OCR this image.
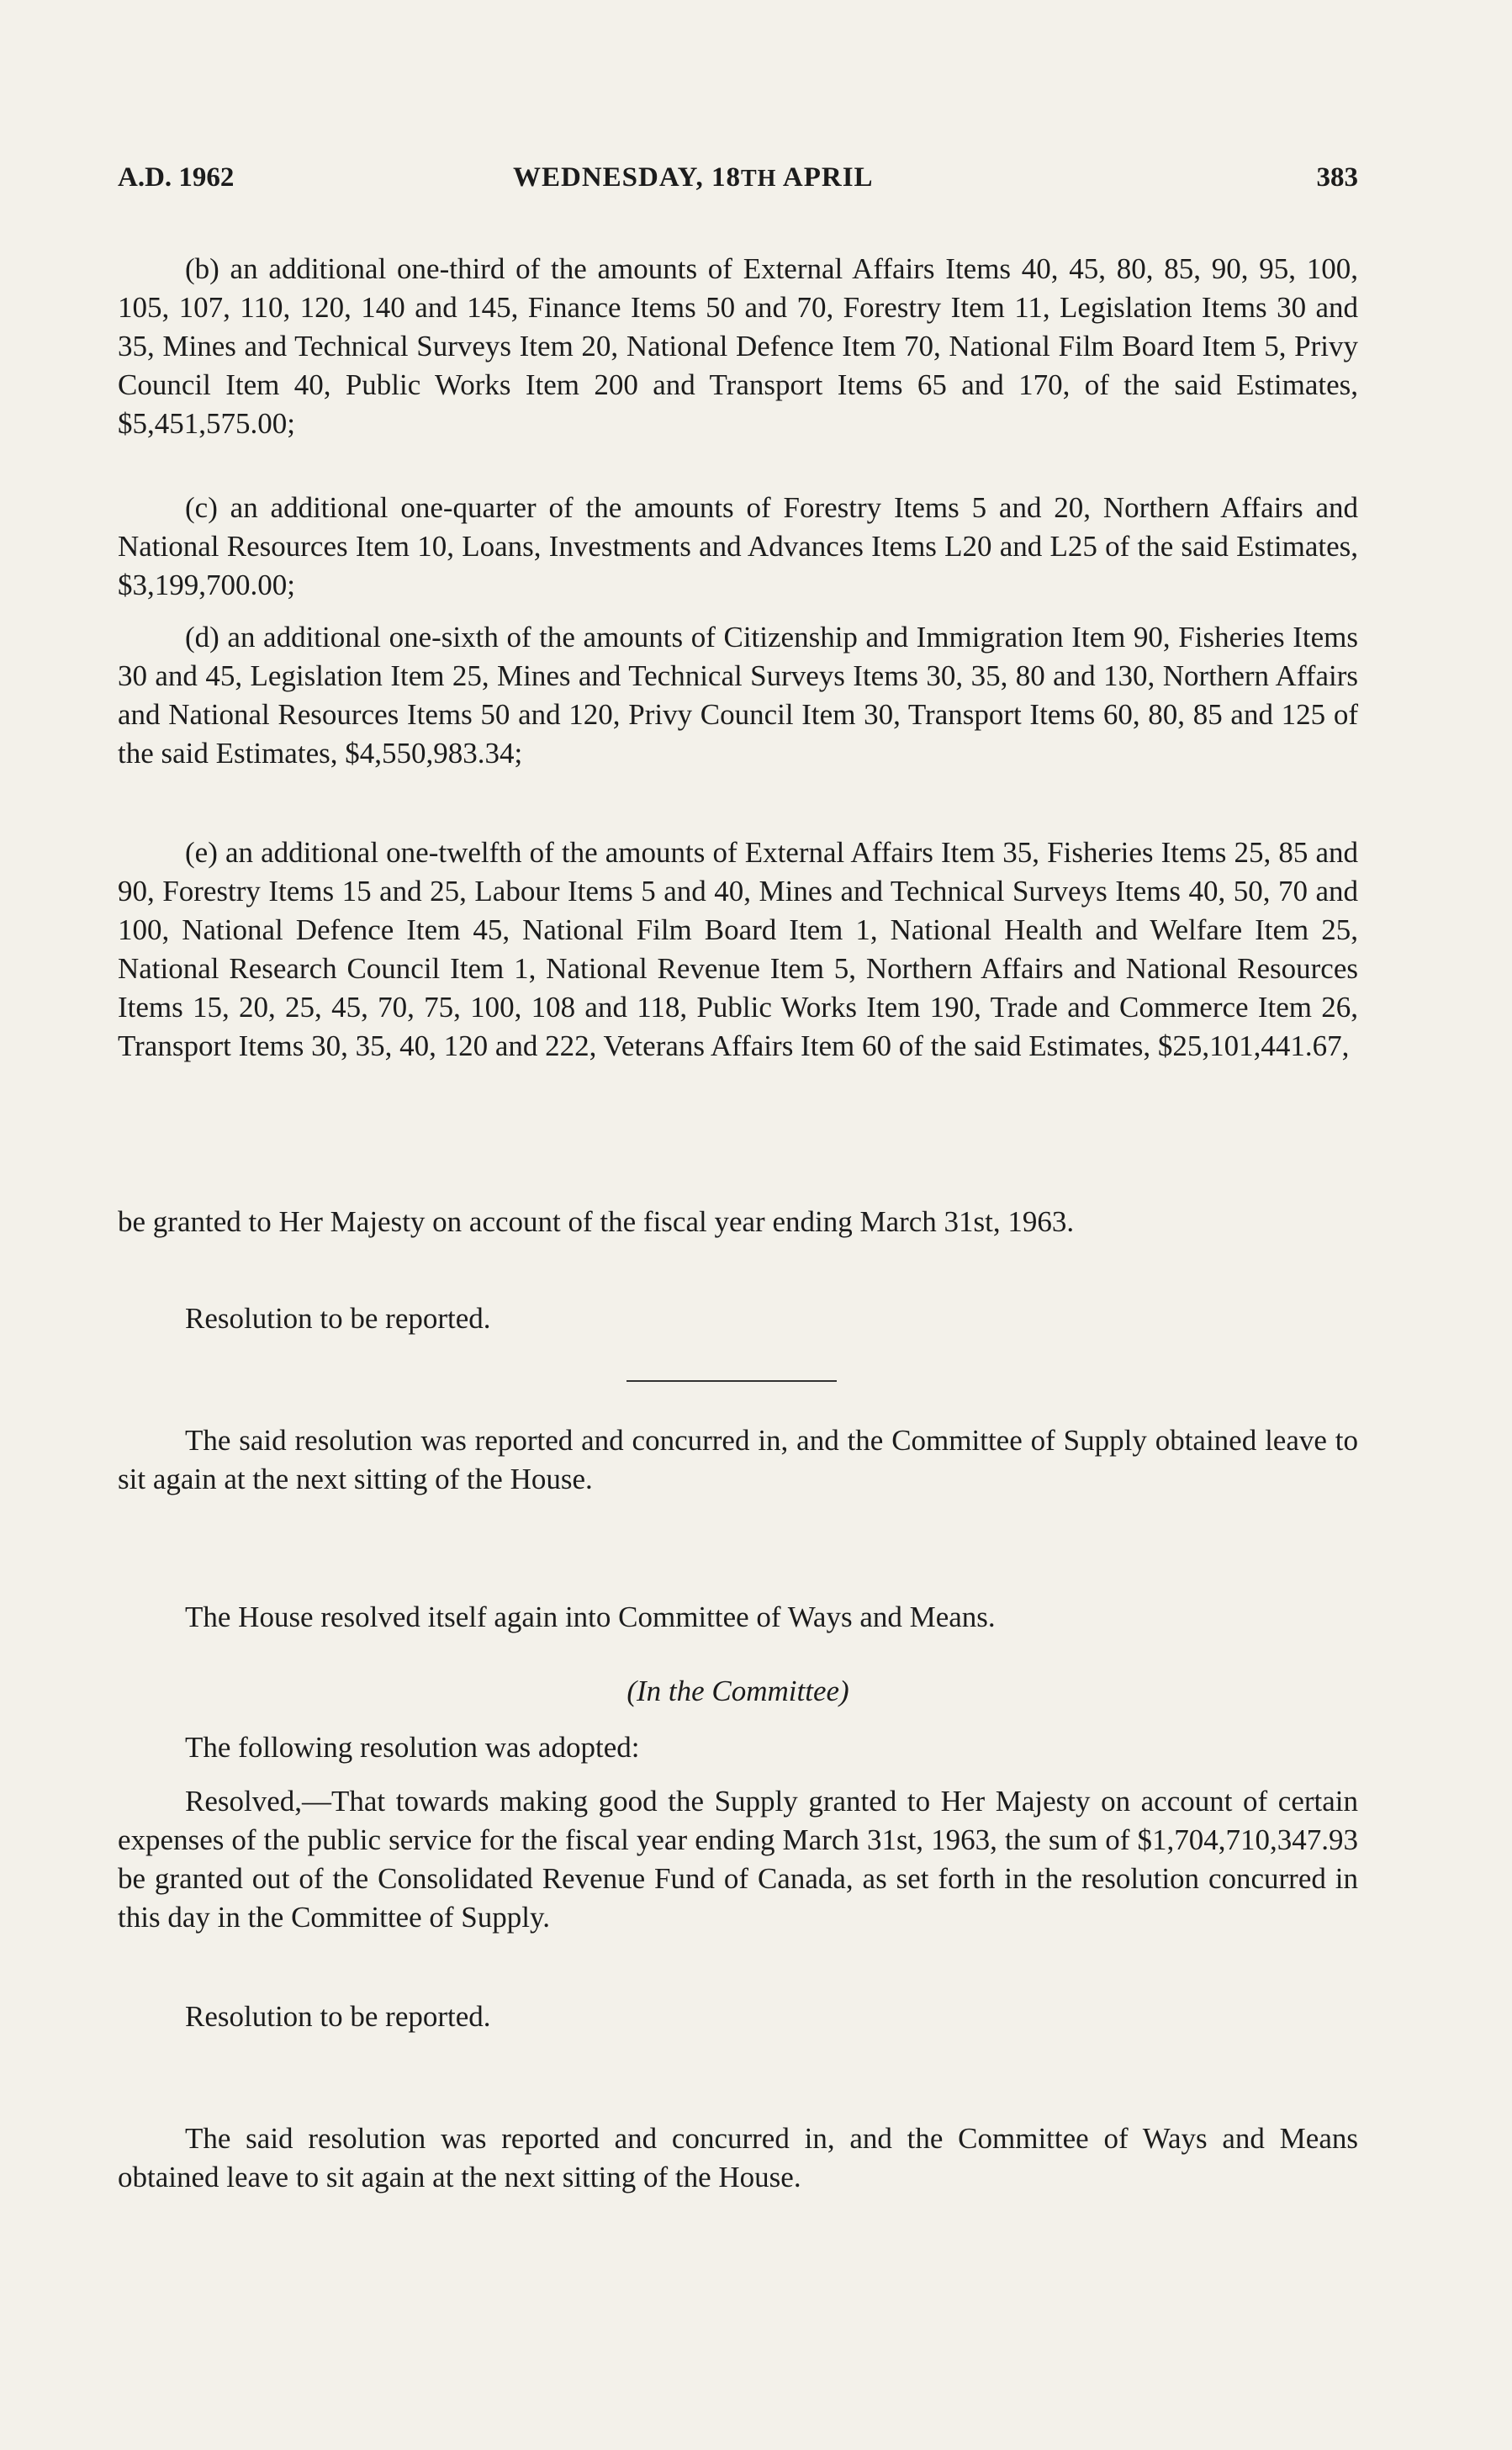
A.D. 1962	WEDNESDAY, 18TH APRIL	383

(b) an additional one-third of the amounts of External Affairs Items 40, 45, 80, 85, 90, 95, 100, 105, 107, 110, 120, 140 and 145, Finance Items 50 and 70, Forestry Item 11, Legislation Items 30 and 35, Mines and Technical Surveys Item 20, National Defence Item 70, National Film Board Item 5, Privy Council Item 40, Public Works Item 200 and Transport Items 65 and 170, of the said Estimates, $5,451,575.00;

(c) an additional one-quarter of the amounts of Forestry Items 5 and 20, Northern Affairs and National Resources Item 10, Loans, Investments and Advances Items L20 and L25 of the said Estimates, $3,199,700.00;

(d) an additional one-sixth of the amounts of Citizenship and Immigration Item 90, Fisheries Items 30 and 45, Legislation Item 25, Mines and Technical Surveys Items 30, 35, 80 and 130, Northern Affairs and National Resources Items 50 and 120, Privy Council Item 30, Transport Items 60, 80, 85 and 125 of the said Estimates, $4,550,983.34;

(e) an additional one-twelfth of the amounts of External Affairs Item 35, Fisheries Items 25, 85 and 90, Forestry Items 15 and 25, Labour Items 5 and 40, Mines and Technical Surveys Items 40, 50, 70 and 100, National Defence Item 45, National Film Board Item 1, National Health and Welfare Item 25, National Research Council Item 1, National Revenue Item 5, Northern Affairs and National Resources Items 15, 20, 25, 45, 70, 75, 100, 108 and 118, Public Works Item 190, Trade and Commerce Item 26, Transport Items 30, 35, 40, 120 and 222, Veterans Affairs Item 60 of the said Estimates, $25,101,441.67,

be granted to Her Majesty on account of the fiscal year ending March 31st, 1963.

Resolution to be reported.

The said resolution was reported and concurred in, and the Committee of Supply obtained leave to sit again at the next sitting of the House.

The House resolved itself again into Committee of Ways and Means.

(In the Committee)

The following resolution was adopted:

Resolved,—That towards making good the Supply granted to Her Majesty on account of certain expenses of the public service for the fiscal year ending March 31st, 1963, the sum of $1,704,710,347.93 be granted out of the Consolidated Revenue Fund of Canada, as set forth in the resolution concurred in this day in the Committee of Supply.

Resolution to be reported.

The said resolution was reported and concurred in, and the Committee of Ways and Means obtained leave to sit again at the next sitting of the House.
